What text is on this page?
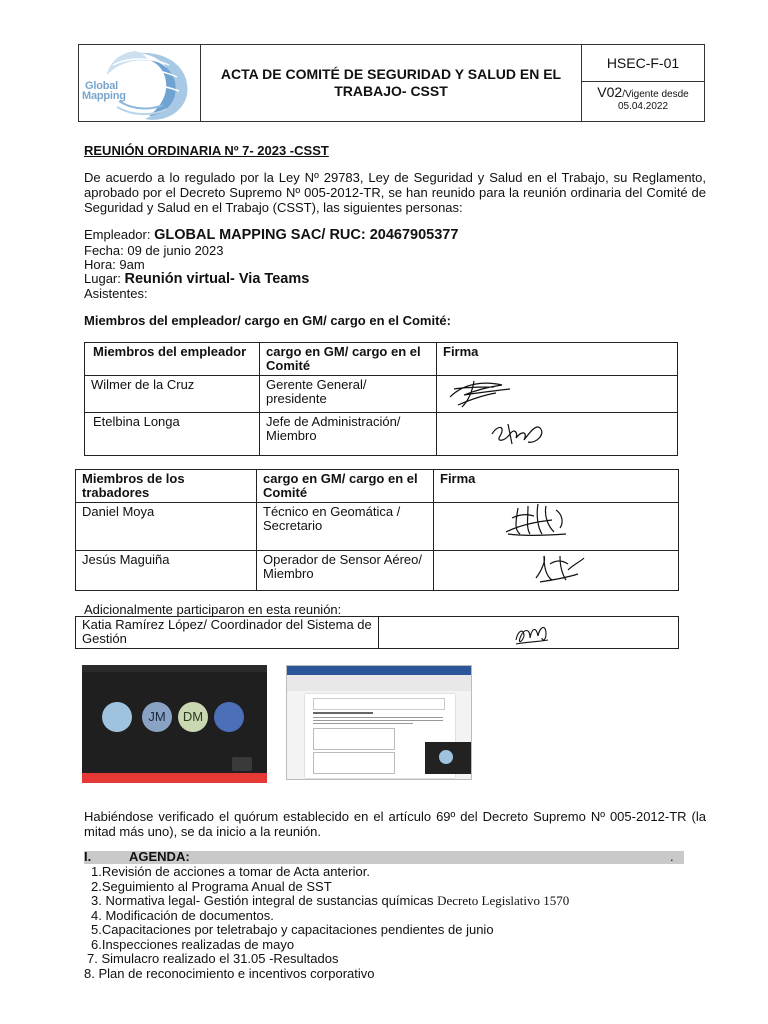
Global
Mapping
ACTA DE COMITÉ DE SEGURIDAD Y SALUD EN EL TRABAJO- CSST
HSEC-F-01
V02/Vigente desde
05.04.2022
REUNIÓN ORDINARIA Nº 7- 2023 -CSST
De acuerdo a lo regulado por la Ley Nº 29783, Ley de Seguridad y Salud en el Trabajo, su Reglamento, aprobado por el Decreto Supremo Nº 005-2012-TR, se han reunido para la reunión ordinaria del Comité de Seguridad y Salud en el Trabajo (CSST), las siguientes personas:
Empleador: GLOBAL MAPPING SAC/ RUC: 20467905377
Fecha: 09 de junio 2023
Hora: 9am
Lugar: Reunión virtual- Via Teams
Asistentes:
Miembros del empleador/ cargo en GM/ cargo en el Comité:
Miembros del empleador	cargo en GM/ cargo en el Comité	Firma
Wilmer de la Cruz	Gerente General/ presidente	
Etelbina Longa	Jefe de Administración/ Miembro	
Miembros de los trabadores	cargo en GM/ cargo en el Comité	Firma
Daniel Moya	Técnico en Geomática / Secretario	
Jesús Maguiña	Operador de Sensor Aéreo/ Miembro	
Adicionalmente participaron en esta reunión:
Katia Ramírez López/ Coordinador del Sistema de Gestión	
JM	DM
Habiéndose verificado el quórum establecido en el artículo 69º del Decreto Supremo Nº 005-2012-TR (la mitad más uno), se da inicio a la reunión.
I.	AGENDA:	.
1.Revisión de acciones a tomar de Acta anterior.
2.Seguimiento al Programa Anual de SST
3. Normativa legal- Gestión integral de sustancias químicas Decreto Legislativo 1570
4. Modificación de documentos.
5.Capacitaciones por teletrabajo y capacitaciones pendientes de junio
6.Inspecciones realizadas de mayo
7. Simulacro realizado el 31.05 -Resultados
8. Plan de reconocimiento e incentivos corporativo
